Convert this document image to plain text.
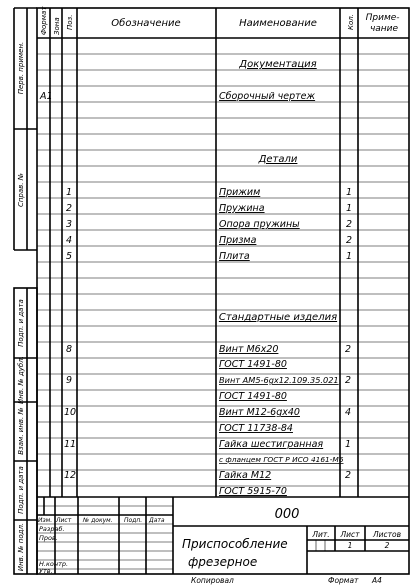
Формат Зона Поз.	Обозначение	Наименование	Кол. Приме- чание
Перв. примен.
Справ. №
Подп. и дата
Инв. № дубл.
Взам. инв. №
Подп. и дата
Инв. № подл.
Документация
Детали
Стандартные изделия
А1	Сборочный чертеж
1	Прижим	1
2	Пружина	1
3	Опора пружины	2
4	Призма	2
5	Плита	1
8	Винт М6х20	2
ГОСТ 1491-80
9	Винт АМ5-6gх12.109.35.021 2
ГОСТ 1491-80
10	Винт М12-6gх40	4
ГОСТ 11738-84
11	Гайка шестигранная 1
с фланцем ГОСТ Р ИСО 4161-М6
12	Гайка М12	2
ГОСТ 5915-70
Изм. Лист № докум. Подп. Дата
Разраб.
Пров.
Н.контр.
Утв.
000
Приспособление
фрезерное
Лит. Лист Листов
1	2
Копировал	Формат А4
